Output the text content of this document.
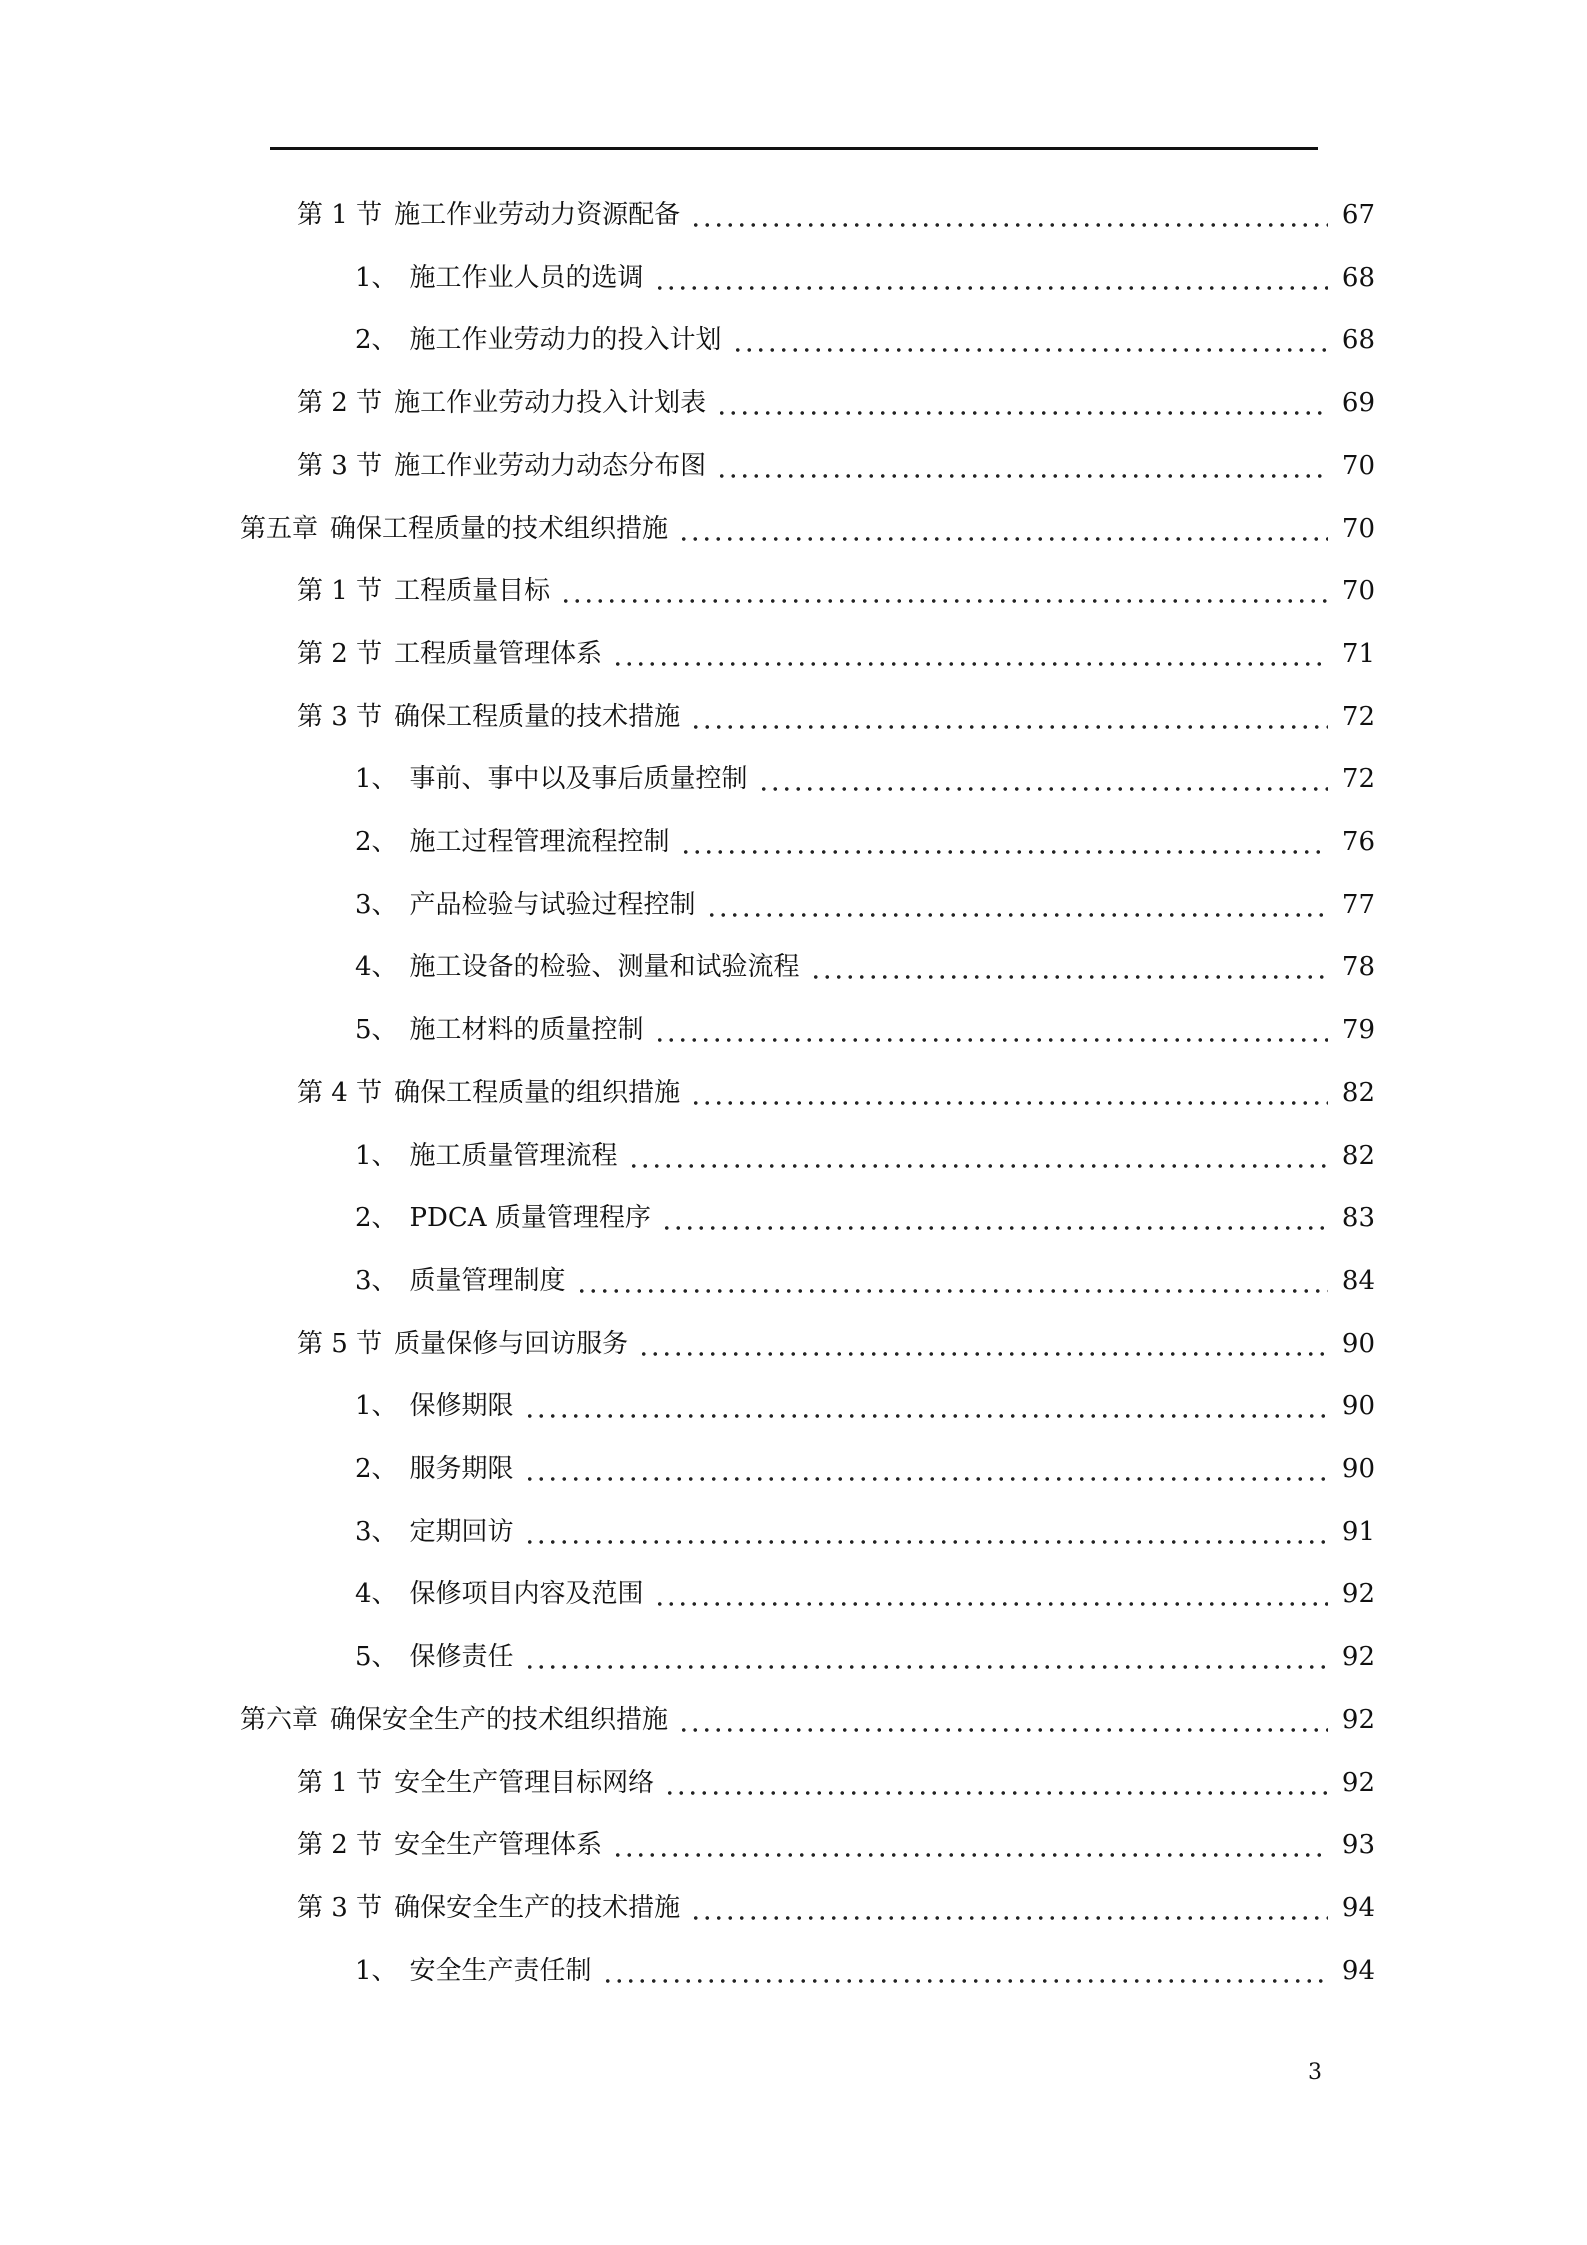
第 1 节 施工作业劳动力资源配备	67
1、 施工作业人员的选调	68
2、 施工作业劳动力的投入计划	68
第 2 节 施工作业劳动力投入计划表	69
第 3 节 施工作业劳动力动态分布图	70
第五章 确保工程质量的技术组织措施	70
第 1 节 工程质量目标	70
第 2 节 工程质量管理体系	71
第 3 节 确保工程质量的技术措施	72
1、 事前、事中以及事后质量控制	72
2、 施工过程管理流程控制	76
3、 产品检验与试验过程控制	77
4、 施工设备的检验、测量和试验流程	78
5、 施工材料的质量控制	79
第 4 节 确保工程质量的组织措施	82
1、 施工质量管理流程	82
2、 PDCA 质量管理程序	83
3、 质量管理制度	84
第 5 节 质量保修与回访服务	90
1、 保修期限	90
2、 服务期限	90
3、 定期回访	91
4、 保修项目内容及范围	92
5、 保修责任	92
第六章 确保安全生产的技术组织措施	92
第 1 节 安全生产管理目标网络	92
第 2 节 安全生产管理体系	93
第 3 节 确保安全生产的技术措施	94
1、 安全生产责任制	94
3
